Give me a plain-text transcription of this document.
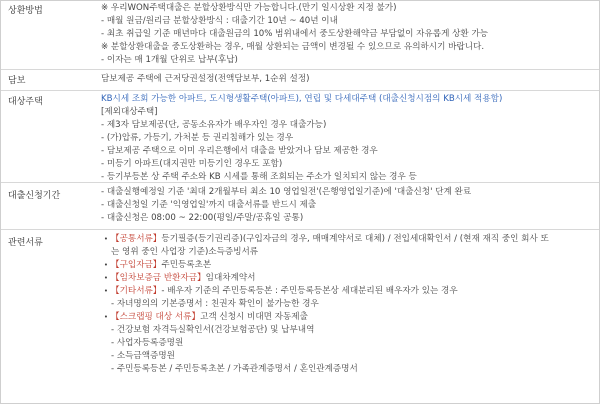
상환방법	※ 우리WON주택대출은 분할상환방식만 가능합니다.(만기 일시상환 지정 불가)
- 매월 원금/원리금 분할상환방식 : 대출기간 10년 ~ 40년 이내
- 최초 취급일 기준 매년마다 대출원금의 10% 범위내에서 중도상환해약금 부담없이 자유롭게 상환 가능
※ 분할상환대출을 중도상환하는 경우, 매월 상환되는 금액이 변경될 수 있으므로 유의하시기 바랍니다.
- 이자는 매 1개월 단위로 납부(후납)
담보	담보제공 주택에 근저당권설정(전액담보부, 1순위 설정)
대상주택	KB시세 조회 가능한 아파트, 도시형생활주택(아파트), 연립 및 다세대주택 (대출신청시점의 KB시세 적용함)
[제외대상주택]
- 제3자 담보제공(단, 공동소유자가 배우자인 경우 대출가능)
- (가)압류, 가등기, 가처분 등 권리침해가 있는 경우
- 담보제공 주택으로 이미 우리은행에서 대출을 받았거나 담보 제공한 경우
- 미등기 아파트(대지권만 미등기인 경우도 포함)
- 등기부등본 상 주택 주소와 KB 시세를 통해 조회되는 주소가 일치되지 않는 경우 등
대출신청기간	- 대출실행예정일 기준 '최대 2개월부터 최소 10 영업일전'(은행영업일기준)에 '대출신청' 단계 완료
- 대출신청일 기준 '익영업일'까지 대출서류를 반드시 제출
- 대출신청은 08:00 ~ 22:00(평일/주말/공휴일 공통)
관련서류	• 【공통서류】등기필증(등기권리증)(구입자금의 경우, 매매계약서로 대체) / 전입세대확인서 / (현재 재직 중인 회사 또
는 영위 중인 사업장 기준)소득증빙서류
• 【구입자금】주민등록초본
• 【임차보증금 반환자금】임대차계약서
• 【기타서류】- 배우자 기준의 주민등록등본 : 주민등록등본상 세대분리된 배우자가 있는 경우
- 자녀명의의 기본증명서 : 친권자 확인이 불가능한 경우
• 【스크랩핑 대상 서류】고객 신청시 비대면 자동제출
- 건강보험 자격득실확인서(건강보험공단) 및 납부내역
- 사업자등록증명원
- 소득금액증명원
- 주민등록등본 / 주민등록초본 / 가족관계증명서 / 혼인관계증명서
